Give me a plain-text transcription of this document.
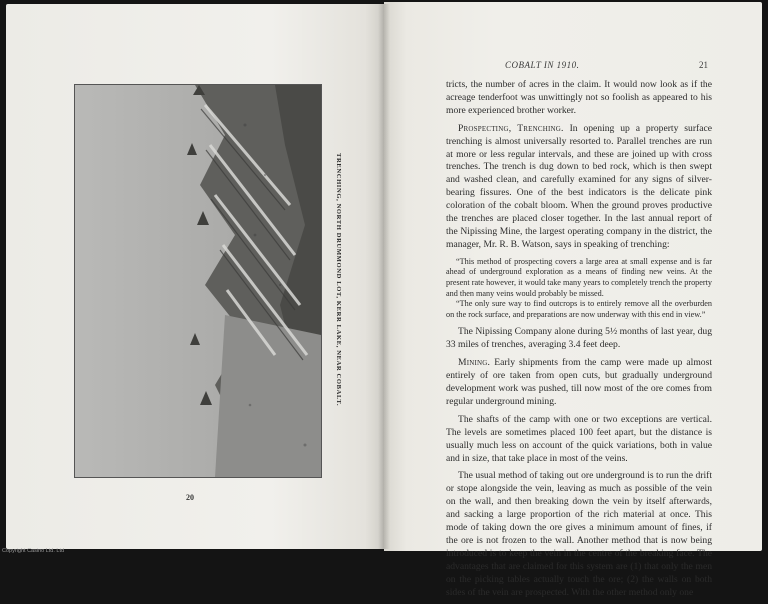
TRENCHING, NORTH DRUMMOND LOT, KERR LAKE, NEAR COBALT.
20
COBALT IN 1910.	21

tricts, the number of acres in the claim. It would now look as if the acreage tenderfoot was unwittingly not so foolish as appeared to his more experienced brother worker.

Prospecting, Trenching. In opening up a property surface trenching is almost universally resorted to. Parallel trenches are run at more or less regular intervals, and these are joined up with cross trenches. The trench is dug down to bed rock, which is then swept and washed clean, and carefully examined for any signs of silver-bearing fissures. One of the best indicators is the delicate pink coloration of the cobalt bloom. When the ground proves productive the trenches are placed closer together. In the last annual report of the Nipissing Mine, the largest operating company in the district, the manager, Mr. R. B. Watson, says in speaking of trenching:

“This method of prospecting covers a large area at small expense and is far ahead of underground exploration as a means of finding new veins. At the present rate however, it would take many years to completely trench the property and then many veins would probably be missed.
“The only sure way to find outcrops is to entirely remove all the overburden on the rock surface, and preparations are now underway with this end in view.”

The Nipissing Company alone during 5½ months of last year, dug 33 miles of trenches, averaging 3.4 feet deep.

Mining. Early shipments from the camp were made up almost entirely of ore taken from open cuts, but gradually underground development work was pushed, till now most of the ore comes from regular underground mining.

The shafts of the camp with one or two exceptions are vertical. The levels are sometimes placed 100 feet apart, but the distance is usually much less on account of the quick variations, both in value and in size, that take place in most of the veins.

The usual method of taking out ore underground is to run the drift or stope alongside the vein, leaving as much as possible of the vein on the wall, and then breaking down the vein by itself afterwards, and sacking a large proportion of the rich material at once. This mode of taking down the ore gives a minimum amount of fines, if the ore is not frozen to the wall. Another method that is now being introduced is to keep the vein in the centre of the breaking face. The advantages that are claimed for this system are (1) that only the men on the picking tables actually touch the ore; (2) the walls on both sides of the vein are prospected. With the other method only one

Copyright Casino Ltd. Ltd
